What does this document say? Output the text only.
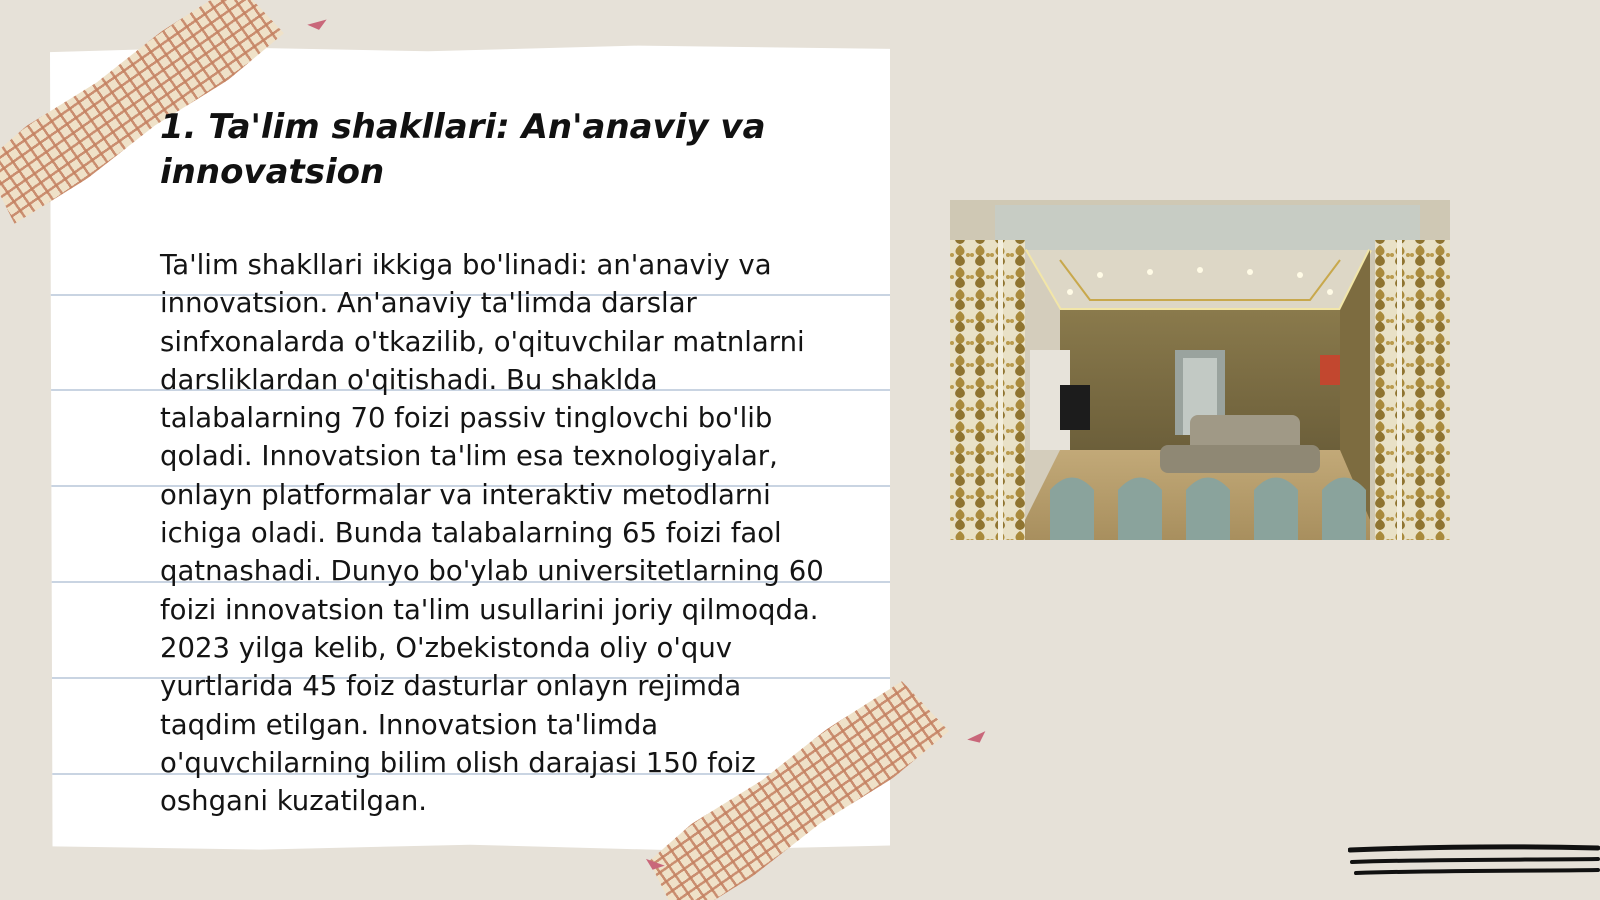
1. Ta'lim shakllari: An'anaviy va innovatsion

Ta'lim shakllari ikkiga bo'linadi: an'anaviy va innovatsion. An'anaviy ta'limda darslar sinfxonalarda o'tkazilib, o'qituvchilar matnlarni darsliklardan o'qitishadi. Bu shaklda talabalarning 70 foizi passiv tinglovchi bo'lib qoladi. Innovatsion ta'lim esa texnologiyalar, onlayn platformalar va interaktiv metodlarni ichiga oladi. Bunda talabalarning 65 foizi faol qatnashadi. Dunyo bo'ylab universitetlarning 60 foizi innovatsion ta'lim usullarini joriy qilmoqda. 2023 yilga kelib, O'zbekistonda oliy o'quv yurtlarida 45 foiz dasturlar onlayn rejimda taqdim etilgan. Innovatsion ta'limda o'quvchilarning bilim olish darajasi 150 foiz oshgani kuzatilgan.
